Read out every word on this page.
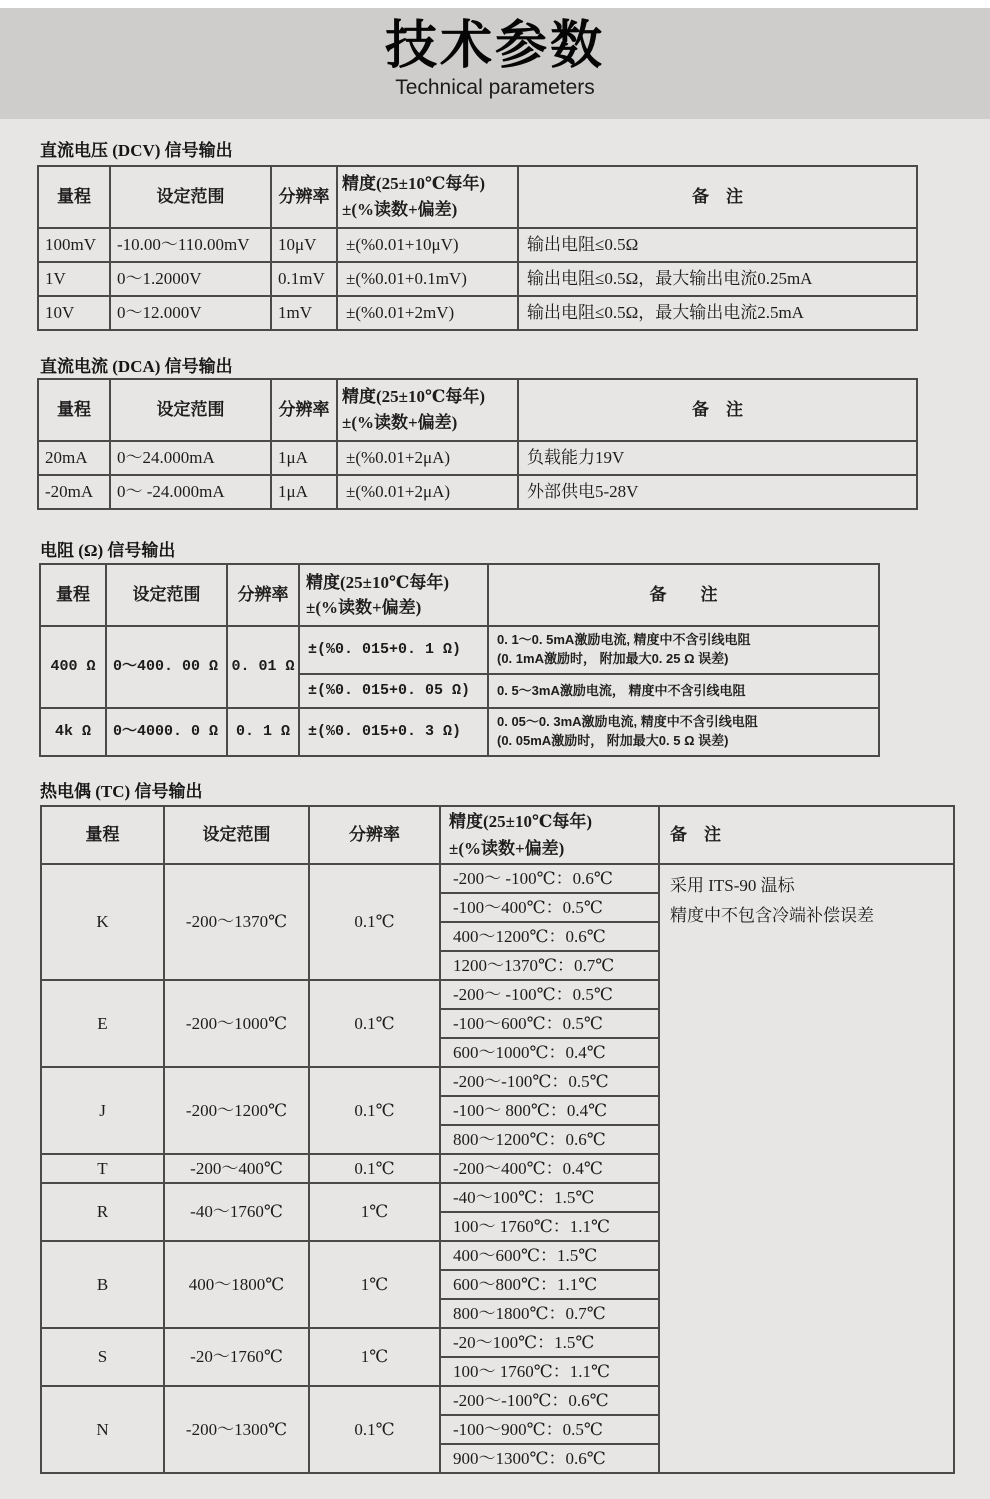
技术参数
Technical parameters
直流电压 (DCV) 信号输出
量程	设定范围	分辨率	精度(25±10℃每年)
±(%读数+偏差)	备　注
100mV	-10.00～110.00mV	10μV	±(%0.01+10μV)	输出电阻≤0.5Ω
1V	0～1.2000V	0.1mV	±(%0.01+0.1mV)	输出电阻≤0.5Ω，最大输出电流0.25mA
10V	0～12.000V	1mV	±(%0.01+2mV)	输出电阻≤0.5Ω，最大输出电流2.5mA
直流电流 (DCA) 信号输出
量程	设定范围	分辨率	精度(25±10℃每年)
±(%读数+偏差)	备　注
20mA	0～24.000mA	1μA	±(%0.01+2μA)	负载能力19V
-20mA	0～ -24.000mA	1μA	±(%0.01+2μA)	外部供电5-28V
电阻 (Ω) 信号输出
量程	设定范围	分辨率	精度(25±10℃每年)
±(%读数+偏差)	备　　注
400 Ω	0～400. 00 Ω	0. 01 Ω	±(%0. 015+0. 1 Ω)	0. 1～0. 5mA激励电流, 精度中不含引线电阻
(0. 1mA激励时， 附加最大0. 25 Ω 误差)

			±(%0. 015+0. 05 Ω)	0. 5～3mA激励电流， 精度中不含引线电阻
4k Ω	0～4000. 0 Ω	0. 1 Ω	±(%0. 015+0. 3 Ω)	0. 05～0. 3mA激励电流, 精度中不含引线电阻
(0. 05mA激励时， 附加最大0. 5 Ω 误差)
热电偶 (TC) 信号输出
量程	设定范围	分辨率	精度(25±10℃每年)
±(%读数+偏差)	备　注
K	-200～1370℃	0.1℃	-200～ -100℃：0.6℃	采用 ITS-90 温标
精度中不包含冷端补偿误差

			-100～400℃：0.5℃	
			400～1200℃：0.6℃	
			1200～1370℃：0.7℃	
E	-200～1000℃	0.1℃	-200～ -100℃：0.5℃	
			-100～600℃：0.5℃	
			600～1000℃：0.4℃	
J	-200～1200℃	0.1℃	-200～-100℃：0.5℃	
			-100～ 800℃：0.4℃	
			800～1200℃：0.6℃	
T	-200～400℃	0.1℃	-200～400℃：0.4℃	
R	-40～1760℃	1℃	-40～100℃：1.5℃	
			100～ 1760℃：1.1℃	
B	400～1800℃	1℃	400～600℃：1.5℃	
			600～800℃：1.1℃	
			800～1800℃：0.7℃	
S	-20～1760℃	1℃	-20～100℃：1.5℃	
			100～ 1760℃：1.1℃	
N	-200～1300℃	0.1℃	-200～-100℃：0.6℃	
			-100～900℃：0.5℃	
			900～1300℃：0.6℃	
